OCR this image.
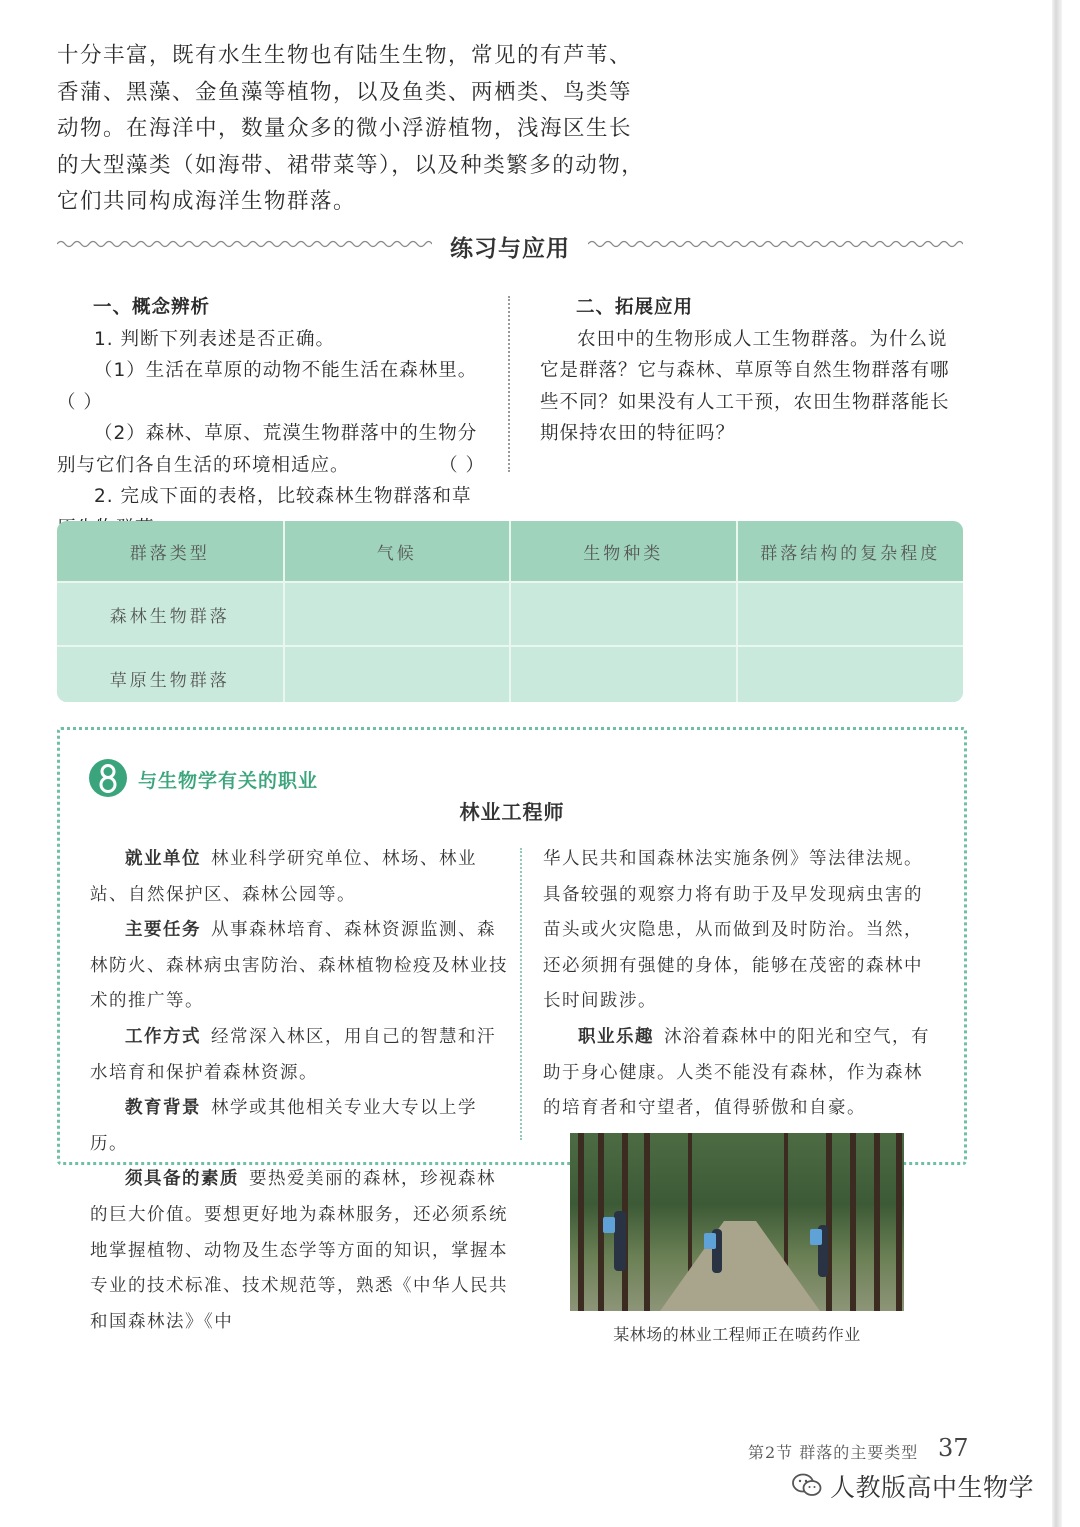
十分丰富，既有水生生物也有陆生生物，常见的有芦苇、

香蒲、黑藻、金鱼藻等植物，以及鱼类、两栖类、鸟类等

动物。在海洋中，数量众多的微小浮游植物，浅海区生长

的大型藻类（如海带、裙带菜等），以及种类繁多的动物，

它们共同构成海洋生物群落。

练习与应用

一、概念辨析

1. 判断下列表述是否正确。

（1）生活在草原的动物不能生活在森林里。（ ）

（2）森林、草原、荒漠生物群落中的生物分

别与它们各自生活的环境相适应。	（ ）

2. 完成下面的表格，比较森林生物群落和草

二、拓展应用

农田中的生物形成人工生物群落。为什么说它是群落？它与森林、草原等自然生物群落有哪些不同？如果没有人工干预，农田生物群落能长期保持农田的特征吗？

群落类型	气候	生物种类	群落结构的复杂程度
森林生物群落			
草原生物群落			
与生物学有关的职业
林业工程师

就业单位 林业科学研究单位、林场、林业站、自然保护区、森林公园等。

主要任务 从事森林培育、森林资源监测、森林防火、森林病虫害防治、森林植物检疫及林业技术的推广等。

工作方式 经常深入林区，用自己的智慧和汗水培育和保护着森林资源。

教育背景 林学或其他相关专业大专以上学历。

须具备的素质 要热爱美丽的森林，珍视森林的巨大价值。要想更好地为森林服务，还必须系统地掌握植物、动物及生态学等方面的知识，掌握本专业的技术标准、技术规范等，熟悉《中华人民共和国森林法》《中

华人民共和国森林法实施条例》等法律法规。具备较强的观察力将有助于及早发现病虫害的苗头或火灾隐患，从而做到及时防治。当然，还必须拥有强健的身体，能够在茂密的森林中长时间跋涉。

职业乐趣 沐浴着森林中的阳光和空气，有助于身心健康。人类不能没有森林，作为森林的培育者和守望者，值得骄傲和自豪。

某林场的林业工程师正在喷药作业
第2节 群落的主要类型 37
人教版高中生物学
